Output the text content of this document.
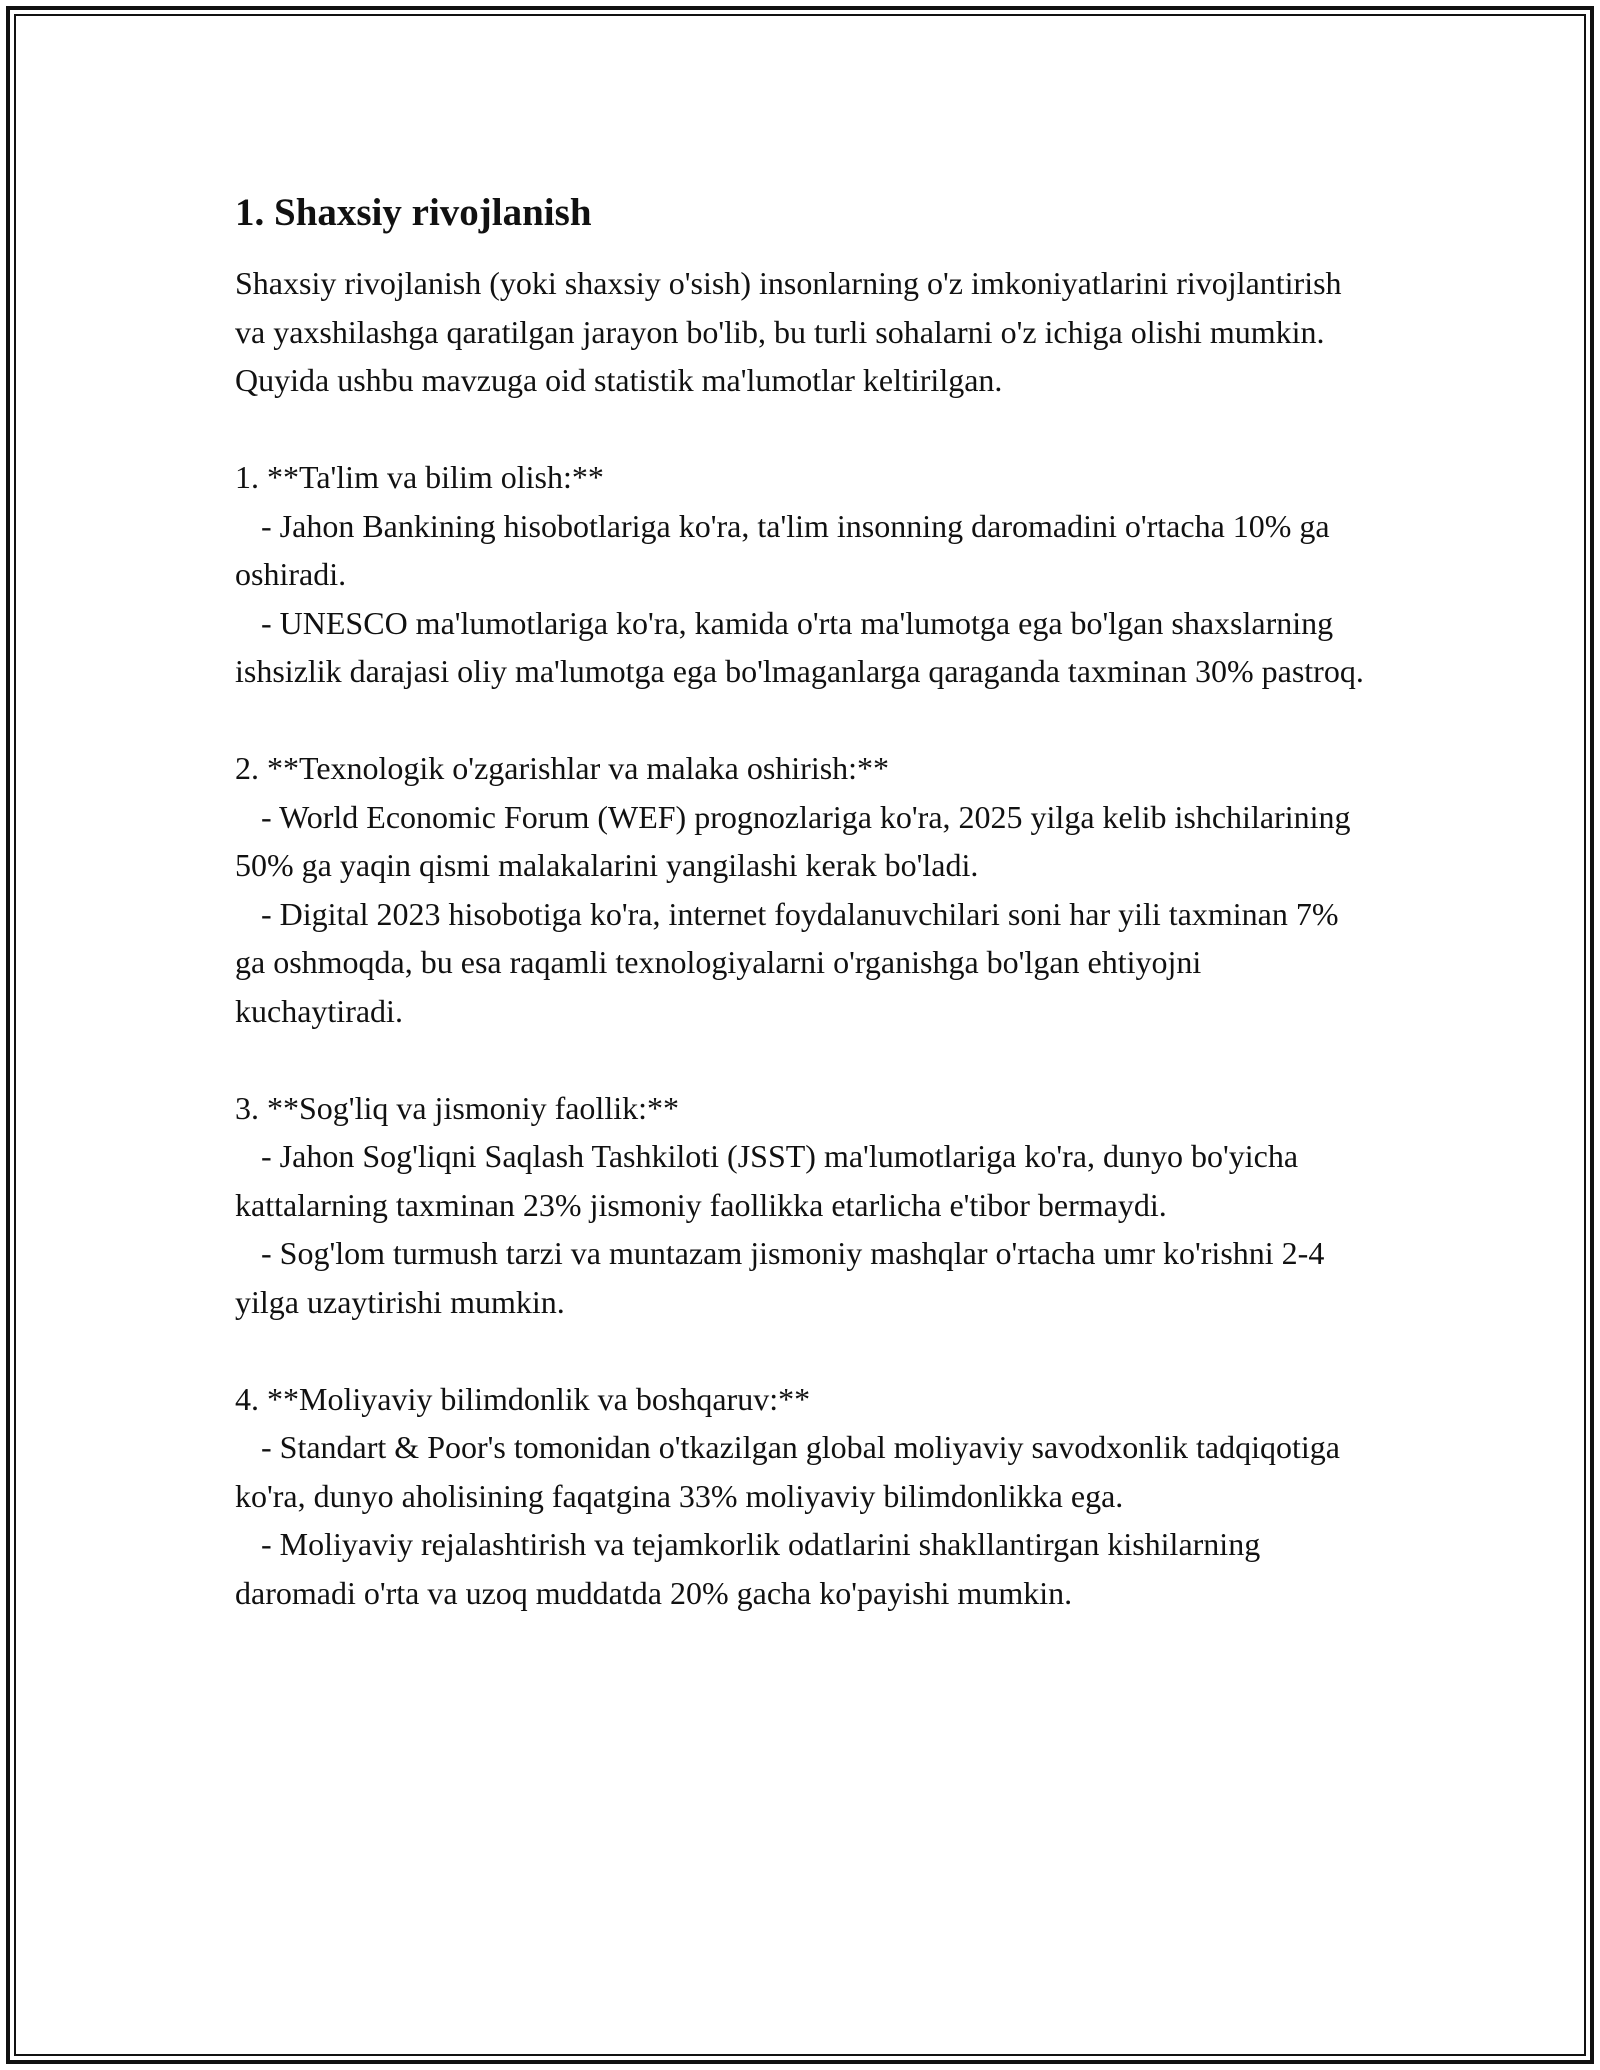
1. Shaxsiy rivojlanish

Shaxsiy rivojlanish (yoki shaxsiy o'sish) insonlarning o'z imkoniyatlarini rivojlantirish va yaxshilashga qaratilgan jarayon bo'lib, bu turli sohalarni o'z ichiga olishi mumkin. Quyida ushbu mavzuga oid statistik ma'lumotlar keltirilgan.

1. **Ta'lim va bilim olish:**

- Jahon Bankining hisobotlariga ko'ra, ta'lim insonning daromadini o'rtacha 10% ga oshiradi.

- UNESCO ma'lumotlariga ko'ra, kamida o'rta ma'lumotga ega bo'lgan shaxslarning ishsizlik darajasi oliy ma'lumotga ega bo'lmaganlarga qaraganda taxminan 30% pastroq.

2. **Texnologik o'zgarishlar va malaka oshirish:**

- World Economic Forum (WEF) prognozlariga ko'ra, 2025 yilga kelib ishchilarining 50% ga yaqin qismi malakalarini yangilashi kerak bo'ladi.

- Digital 2023 hisobotiga ko'ra, internet foydalanuvchilari soni har yili taxminan 7% ga oshmoqda, bu esa raqamli texnologiyalarni o'rganishga bo'lgan ehtiyojni kuchaytiradi.

3. **Sog'liq va jismoniy faollik:**

- Jahon Sog'liqni Saqlash Tashkiloti (JSST) ma'lumotlariga ko'ra, dunyo bo'yicha kattalarning taxminan 23% jismoniy faollikka etarlicha e'tibor bermaydi.

- Sog'lom turmush tarzi va muntazam jismoniy mashqlar o'rtacha umr ko'rishni 2-4 yilga uzaytirishi mumkin.

4. **Moliyaviy bilimdonlik va boshqaruv:**

- Standart & Poor's tomonidan o'tkazilgan global moliyaviy savodxonlik tadqiqotiga ko'ra, dunyo aholisining faqatgina 33% moliyaviy bilimdonlikka ega.

- Moliyaviy rejalashtirish va tejamkorlik odatlarini shakllantirgan kishilarning daromadi o'rta va uzoq muddatda 20% gacha ko'payishi mumkin.
